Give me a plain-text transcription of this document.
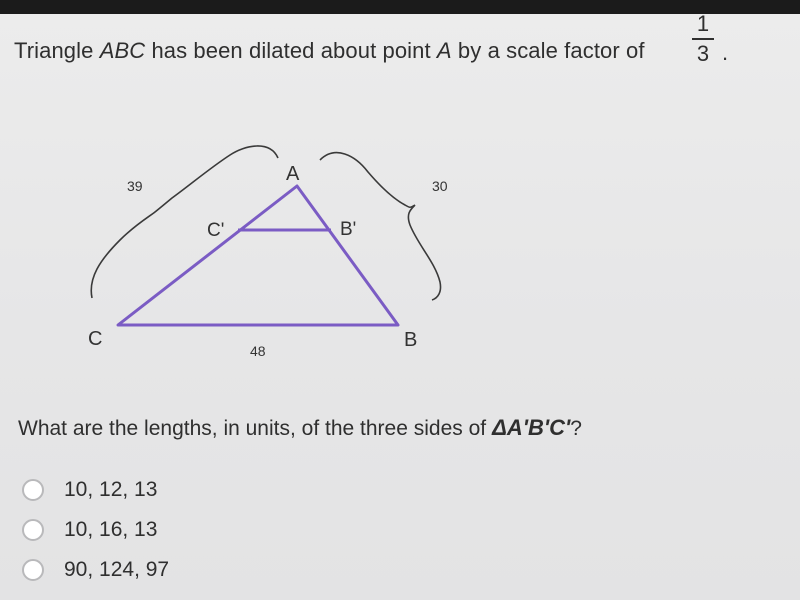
Triangle ABC has been dilated about point A by a scale factor of
1
3 .
A
B
C
B'
C'
39	30
48
What are the lengths, in units, of the three sides of ΔA'B'C'?
10, 12, 13
10, 16, 13
90, 124, 97
